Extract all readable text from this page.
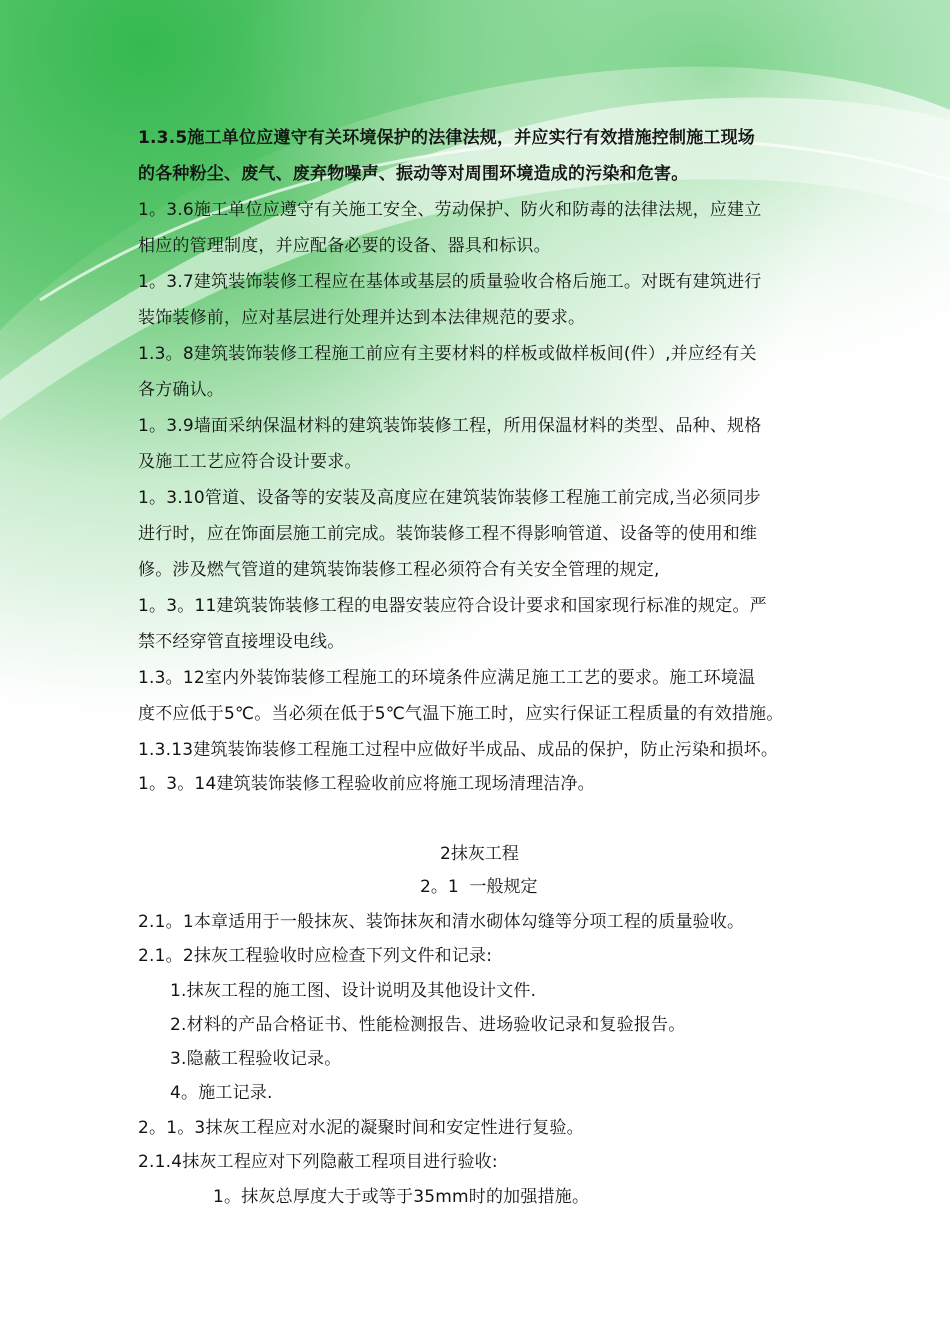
1.3.5施工单位应遵守有关环境保护的法律法规，并应实行有效措施控制施工现场
的各种粉尘、废气、废弃物噪声、振动等对周围环境造成的污染和危害。
1。3.6施工单位应遵守有关施工安全、劳动保护、防火和防毒的法律法规，应建立
相应的管理制度，并应配备必要的设备、器具和标识。
1。3.7建筑装饰装修工程应在基体或基层的质量验收合格后施工。对既有建筑进行
装饰装修前，应对基层进行处理并达到本法律规范的要求。
1.3。8建筑装饰装修工程施工前应有主要材料的样板或做样板间(件）,并应经有关
各方确认。
1。3.9墙面采纳保温材料的建筑装饰装修工程，所用保温材料的类型、品种、规格
及施工工艺应符合设计要求。
1。3.10管道、设备等的安装及高度应在建筑装饰装修工程施工前完成,当必须同步
进行时，应在饰面层施工前完成。装饰装修工程不得影响管道、设备等的使用和维
修。涉及燃气管道的建筑装饰装修工程必须符合有关安全管理的规定,
1。3。11建筑装饰装修工程的电器安装应符合设计要求和国家现行标准的规定。严
禁不经穿管直接埋设电线。
1.3。12室内外装饰装修工程施工的环境条件应满足施工工艺的要求。施工环境温
度不应低于5℃。当必须在低于5℃气温下施工时，应实行保证工程质量的有效措施。
1.3.13建筑装饰装修工程施工过程中应做好半成品、成品的保护，防止污染和损坏。
1。3。14建筑装饰装修工程验收前应将施工现场清理洁净。
2抹灰工程
2。1  一般规定
2.1。1本章适用于一般抹灰、装饰抹灰和清水砌体勾缝等分项工程的质量验收。
2.1。2抹灰工程验收时应检查下列文件和记录:
1.抹灰工程的施工图、设计说明及其他设计文件.
2.材料的产品合格证书、性能检测报告、进场验收记录和复验报告。
3.隐蔽工程验收记录。
4。施工记录.
2。1。3抹灰工程应对水泥的凝聚时间和安定性进行复验。
2.1.4抹灰工程应对下列隐蔽工程项目进行验收:
1。抹灰总厚度大于或等于35mm时的加强措施。
